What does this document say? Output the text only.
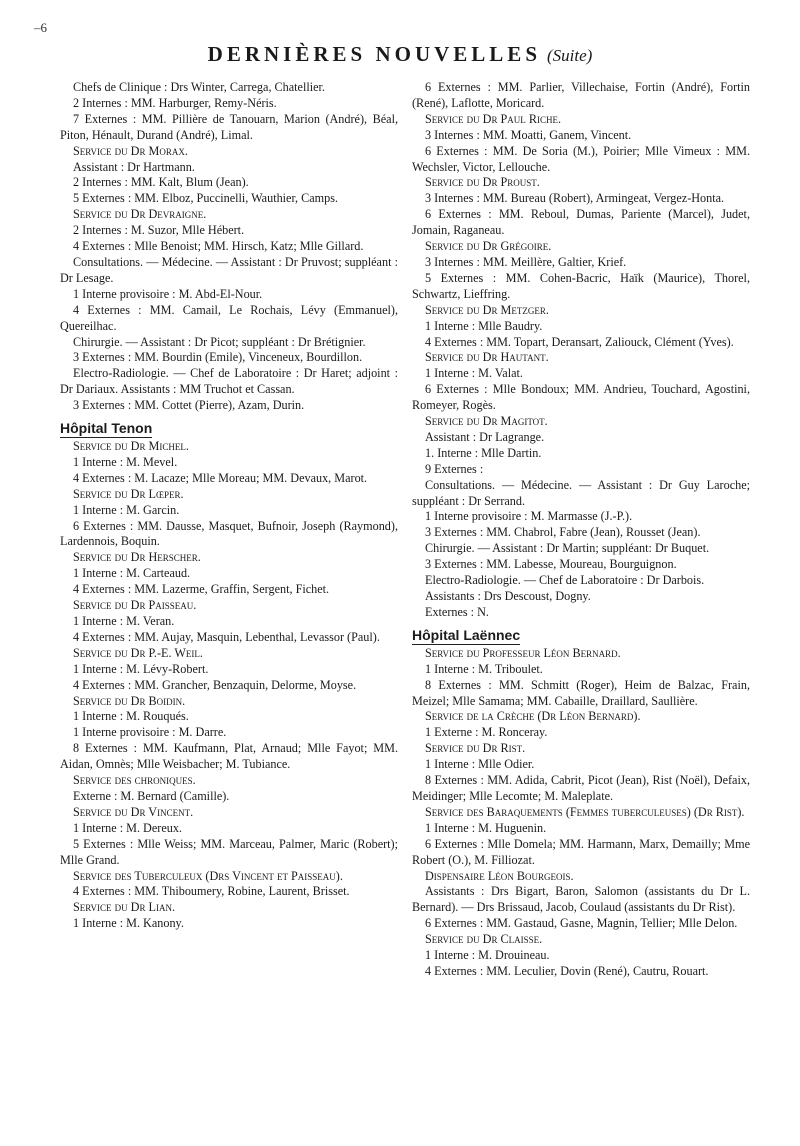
–6
DERNIÈRES NOUVELLES (Suite)
Chefs de Clinique : Drs Winter, Carrega, Chatellier.
2 Internes : MM. Harburger, Remy-Néris.
7 Externes : MM. Pillière de Tanouarn, Marion (André), Béal, Piton, Hénault, Durand (André), Limal.
Service du Dr Morax.
Assistant : Dr Hartmann.
2 Internes : MM. Kalt, Blum (Jean).
5 Externes : MM. Elboz, Puccinelli, Wauthier, Camps.
Service du Dr Devraigne.
2 Internes : M. Suzor, Mlle Hébert.
4 Externes : Mlle Benoist; MM. Hirsch, Katz; Mlle Gillard.
Consultations. — Médecine. — Assistant : Dr Pruvost; suppléant : Dr Lesage.
1 Interne provisoire : M. Abd-El-Nour.
4 Externes : MM. Camail, Le Rochais, Lévy (Emmanuel), Quereilhac.
Chirurgie. — Assistant : Dr Picot; suppléant : Dr Brétignier.
3 Externes : MM. Bourdin (Emile), Vinceneux, Bourdillon.
Electro-Radiologie. — Chef de Laboratoire : Dr Haret; adjoint : Dr Dariaux. Assistants : MM Truchot et Cassan.
3 Externes : MM. Cottet (Pierre), Azam, Durin.
Hôpital Tenon
Service du Dr Michel.
1 Interne : M. Mevel.
4 Externes : M. Lacaze; Mlle Moreau; MM. Devaux, Marot.
Service du Dr Lœper.
1 Interne : M. Garcin.
6 Externes : MM. Dausse, Masquet, Bufnoir, Joseph (Raymond), Lardennois, Boquin.
Service du Dr Herscher.
1 Interne : M. Carteaud.
4 Externes : MM. Lazerme, Graffin, Sergent, Fichet.
Service du Dr Paisseau.
1 Interne : M. Veran.
4 Externes : MM. Aujay, Masquin, Lebenthal, Levassor (Paul).
Service du Dr P.-E. Weil.
1 Interne : M. Lévy-Robert.
4 Externes : MM. Grancher, Benzaquin, Delorme, Moyse.
Service du Dr Boidin.
1 Interne : M. Rouqués.
1 Interne provisoire : M. Darre.
8 Externes : MM. Kaufmann, Plat, Arnaud; Mlle Fayot; MM. Aidan, Omnès; Mlle Weisbacher; M. Tubiance.
Service des chroniques.
Externe : M. Bernard (Camille).
Service du Dr Vincent.
1 Interne : M. Dereux.
5 Externes : Mlle Weiss; MM. Marceau, Palmer, Maric (Robert); Mlle Grand.
Service des Tuberculeux (Drs Vincent et Paisseau).
4 Externes : MM. Thiboumery, Robine, Laurent, Brisset.
Service du Dr Lian.
1 Interne : M. Kanony.
6 Externes : MM. Parlier, Villechaise, Fortin (André), Fortin (René), Laflotte, Moricard.
Service du Dr Paul Riche.
3 Internes : MM. Moatti, Ganem, Vincent.
6 Externes : MM. De Soria (M.), Poirier; Mlle Vimeux : MM. Wechsler, Victor, Lellouche.
Service du Dr Proust.
3 Internes : MM. Bureau (Robert), Armingeat, Vergez-Honta.
6 Externes : MM. Reboul, Dumas, Pariente (Marcel), Judet, Jomain, Raganeau.
Service du Dr Grégoire.
3 Internes : MM. Meillère, Galtier, Krief.
5 Externes : MM. Cohen-Bacric, Haïk (Maurice), Thorel, Schwartz, Lieffring.
Service du Dr Metzger.
1 Interne : Mlle Baudry.
4 Externes : MM. Topart, Deransart, Zaliouck, Clément (Yves).
Service du Dr Hautant.
1 Interne : M. Valat.
6 Externes : Mlle Bondoux; MM. Andrieu, Touchard, Agostini, Romeyer, Rogès.
Service du Dr Magitot.
Assistant : Dr Lagrange.
1. Interne : Mlle Dartin.
9 Externes :
Consultations. — Médecine. — Assistant : Dr Guy Laroche; suppléant : Dr Serrand.
1 Interne provisoire : M. Marmasse (J.-P.).
3 Externes : MM. Chabrol, Fabre (Jean), Rousset (Jean).
Chirurgie. — Assistant : Dr Martin; suppléant: Dr Buquet.
3 Externes : MM. Labesse, Moureau, Bourguignon.
Electro-Radiologie. — Chef de Laboratoire : Dr Darbois.
Assistants : Drs Descoust, Dogny.
Externes : N.
Hôpital Laënnec
Service du Professeur Léon Bernard.
1 Interne : M. Triboulet.
8 Externes : MM. Schmitt (Roger), Heim de Balzac, Frain, Meizel; Mlle Samama; MM. Cabaille, Draillard, Saullière.
Service de la Crèche (Dr Léon Bernard).
1 Externe : M. Ronceray.
Service du Dr Rist.
1 Interne : Mlle Odier.
8 Externes : MM. Adida, Cabrit, Picot (Jean), Rist (Noël), Defaix, Meidinger; Mlle Lecomte; M. Maleplate.
Service des Baraquements (Femmes tuberculeuses) (Dr Rist).
1 Interne : M. Huguenin.
6 Externes : Mlle Domela; MM. Harmann, Marx, Demailly; Mme Robert (O.), M. Filliozat.
Dispensaire Léon Bourgeois.
Assistants : Drs Bigart, Baron, Salomon (assistants du Dr L. Bernard). — Drs Brissaud, Jacob, Coulaud (assistants du Dr Rist).
6 Externes : MM. Gastaud, Gasne, Magnin, Tellier; Mlle Delon.
Service du Dr Claisse.
1 Interne : M. Drouineau.
4 Externes : MM. Leculier, Dovin (René), Cautru, Rouart.
